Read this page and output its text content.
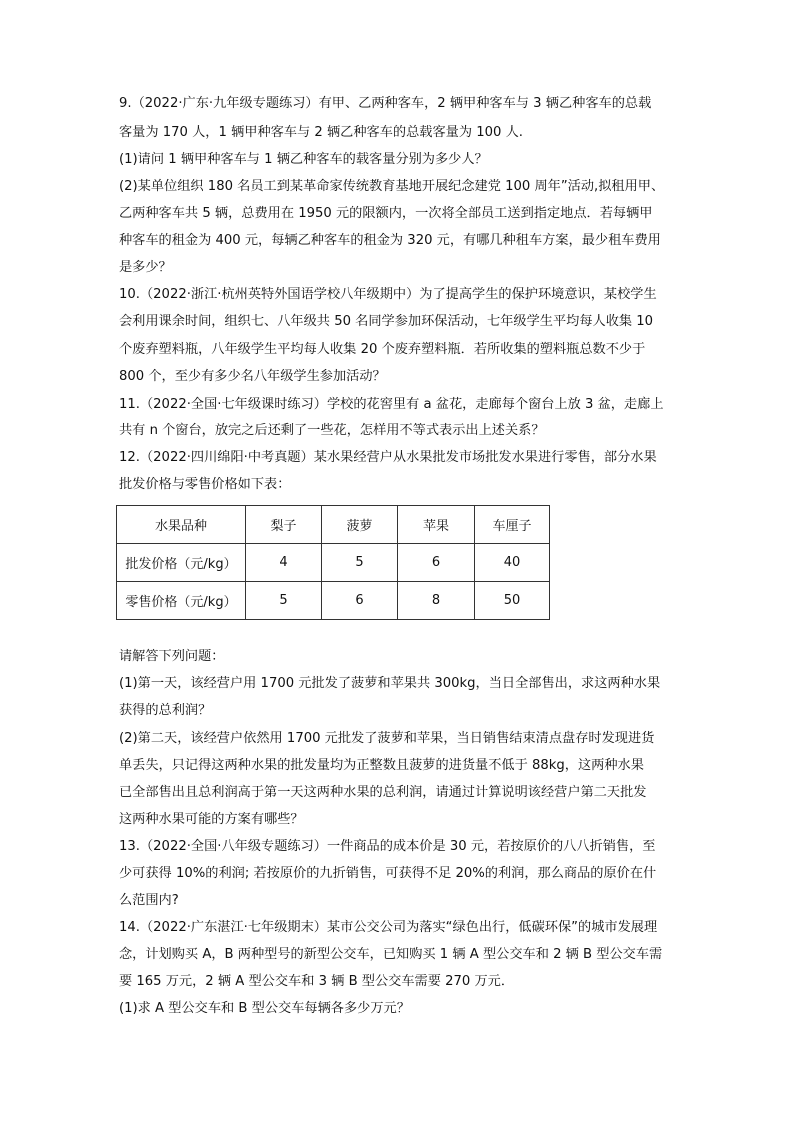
9.（2022·广东·九年级专题练习）有甲、乙两种客车，2 辆甲种客车与 3 辆乙种客车的总载
客量为 170 人，1 辆甲种客车与 2 辆乙种客车的总载客量为 100 人.
(1)请问 1 辆甲种客车与 1 辆乙种客车的载客量分别为多少人？
(2)某单位组织 180 名员工到某革命家传统教育基地开展纪念建党 100 周年”活动,拟租用甲、
乙两种客车共 5 辆，总费用在 1950 元的限额内，一次将全部员工送到指定地点．若每辆甲
种客车的租金为 400 元，每辆乙种客车的租金为 320 元，有哪几种租车方案，最少租车费用
是多少？
10.（2022·浙江·杭州英特外国语学校八年级期中）为了提高学生的保护环境意识，某校学生
会利用课余时间，组织七、八年级共 50 名同学参加环保活动，七年级学生平均每人收集 10
个废弃塑料瓶，八年级学生平均每人收集 20 个废弃塑料瓶．若所收集的塑料瓶总数不少于
800 个，至少有多少名八年级学生参加活动？
11.（2022·全国·七年级课时练习）学校的花窖里有 a 盆花，走廊每个窗台上放 3 盆，走廊上
共有 n 个窗台，放完之后还剩了一些花，怎样用不等式表示出上述关系？
12.（2022·四川绵阳·中考真题）某水果经营户从水果批发市场批发水果进行零售，部分水果
批发价格与零售价格如下表：
水果品种	梨子	菠萝	苹果	车厘子
批发价格（元/kg）	4	5	6	40
零售价格（元/kg）	5	6	8	50
请解答下列问题：
(1)第一天，该经营户用 1700 元批发了菠萝和苹果共 300kg，当日全部售出，求这两种水果
获得的总利润？
(2)第二天，该经营户依然用 1700 元批发了菠萝和苹果，当日销售结束清点盘存时发现进货
单丢失，只记得这两种水果的批发量均为正整数且菠萝的进货量不低于 88kg，这两种水果
已全部售出且总利润高于第一天这两种水果的总利润，请通过计算说明该经营户第二天批发
这两种水果可能的方案有哪些？
13.（2022·全国·八年级专题练习）一件商品的成本价是 30 元，若按原价的八八折销售，至
少可获得 10%的利润; 若按原价的九折销售，可获得不足 20%的利润，那么商品的原价在什
么范围内?
14.（2022·广东湛江·七年级期末）某市公交公司为落实“绿色出行，低碳环保”的城市发展理
念，计划购买 A，B 两种型号的新型公交车，已知购买 1 辆 A 型公交车和 2 辆 B 型公交车需
要 165 万元，2 辆 A 型公交车和 3 辆 B 型公交车需要 270 万元．
(1)求 A 型公交车和 B 型公交车每辆各多少万元？
